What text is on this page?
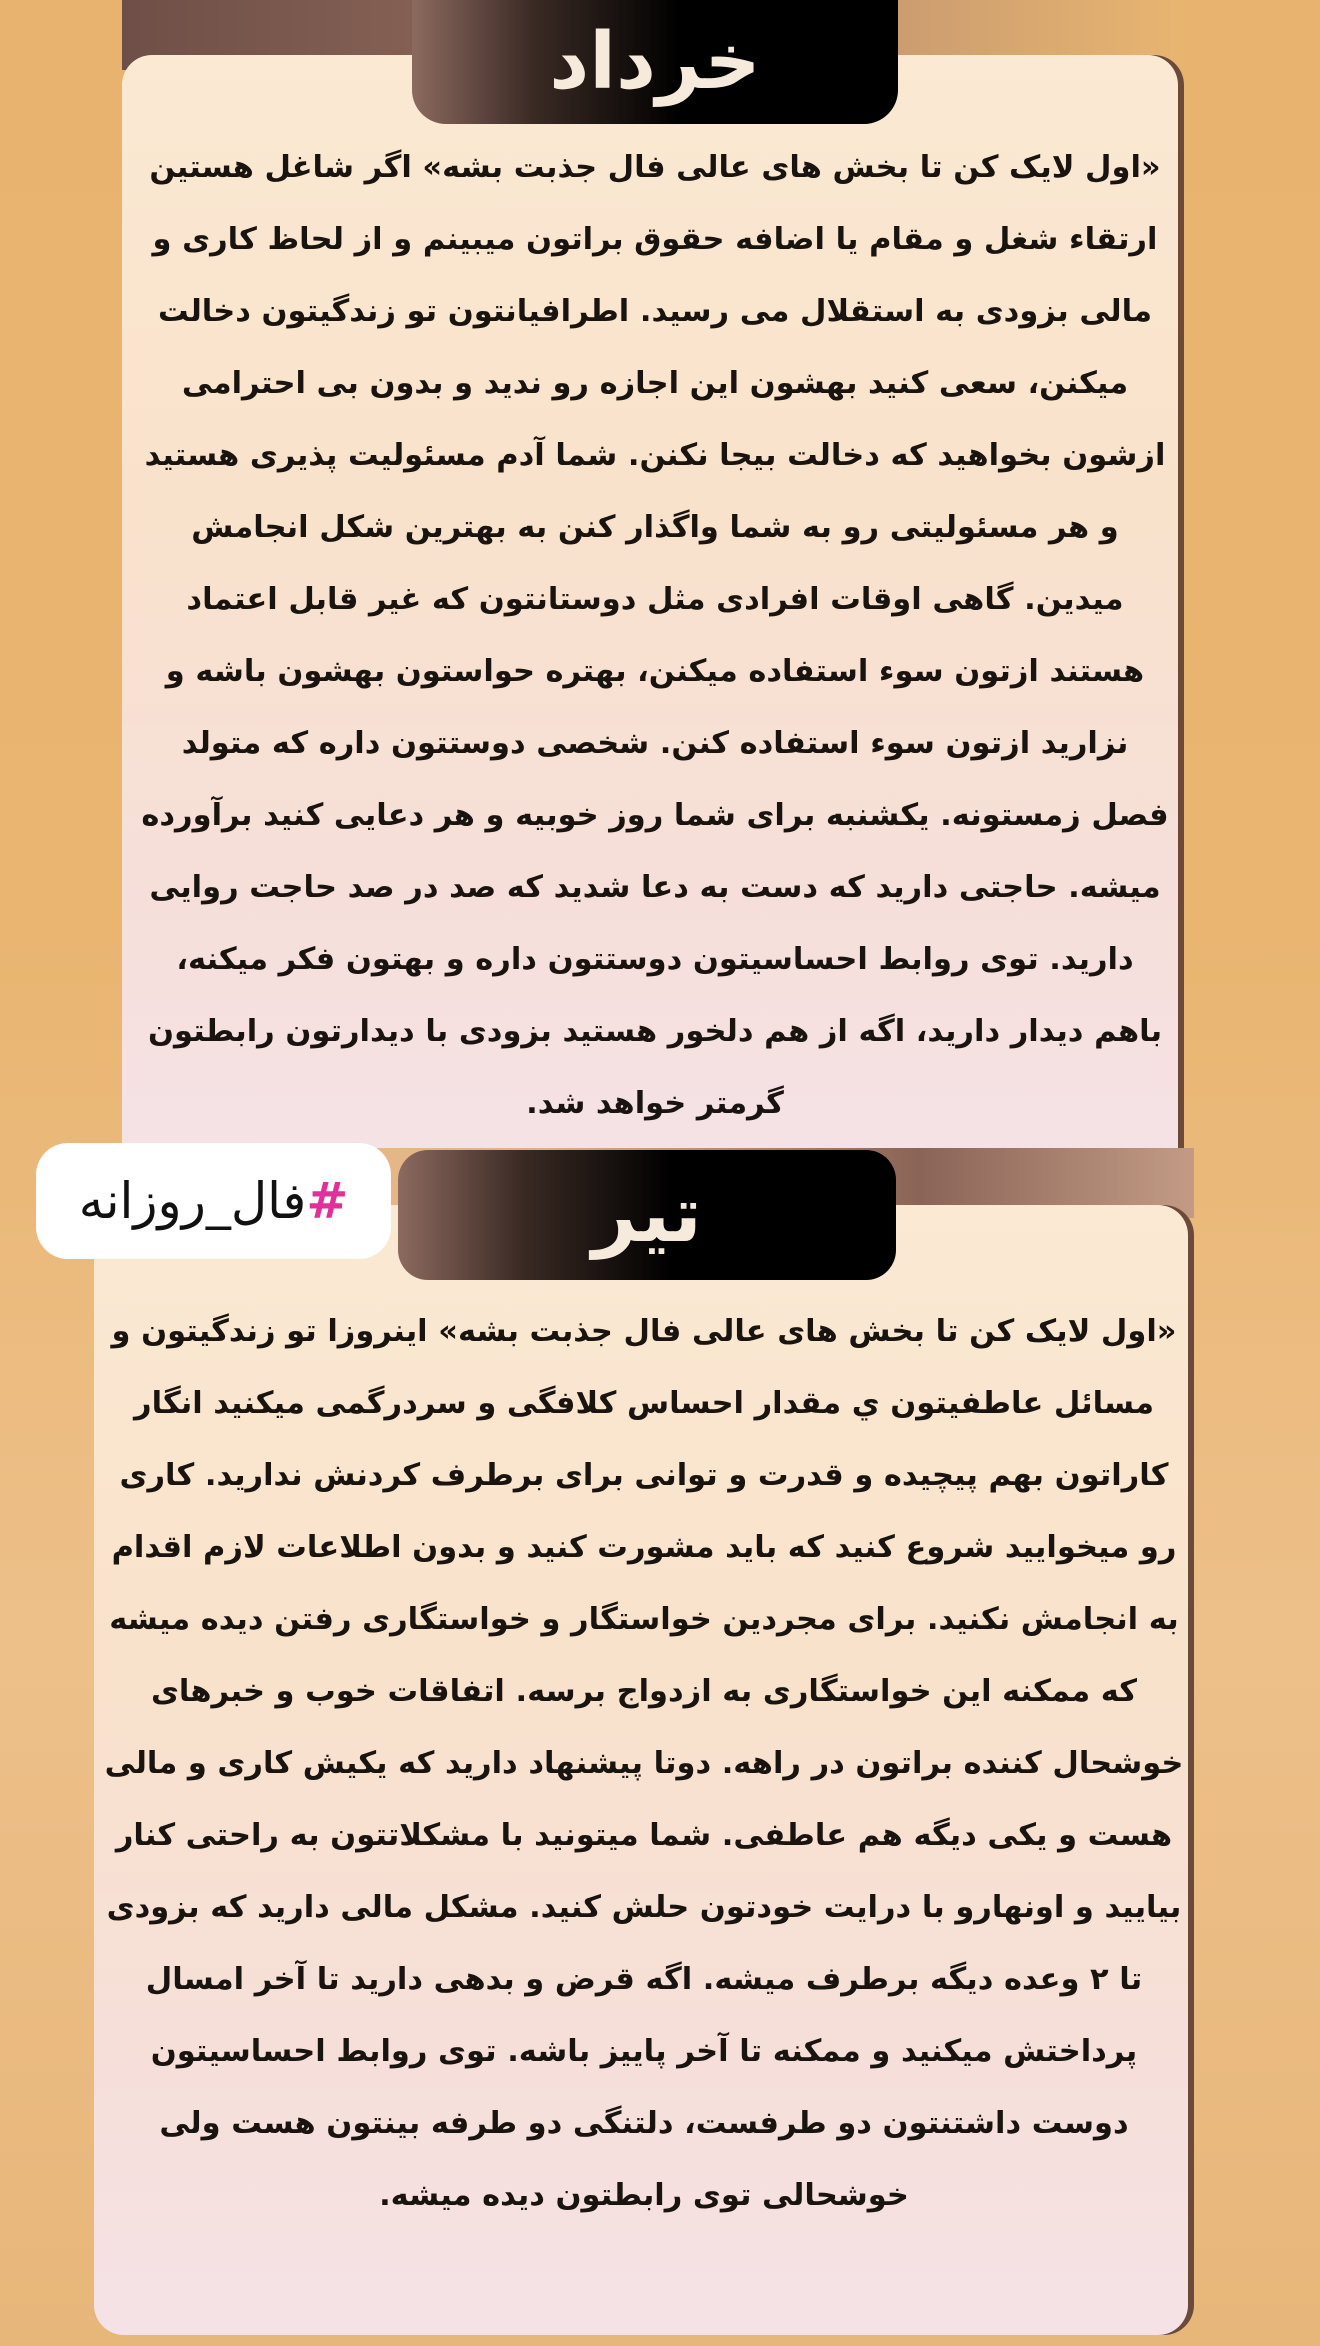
خرداد
«اول لایک کن تا بخش های عالی فال جذبت بشه» اگر شاغل هستین ارتقاء شغل و مقام یا اضافه حقوق براتون میبینم و از لحاظ کاری و مالی بزودی به استقلال می رسید. اطرافیانتون تو زندگیتون دخالت میکنن، سعی کنید بهشون این اجازه رو ندید و بدون بی احترامی ازشون بخواهید که دخالت بیجا نکنن. شما آدم مسئولیت پذیری هستید و هر مسئولیتی رو به شما واگذار کنن به بهترین شکل انجامش میدین. گاهی اوقات افرادی مثل دوستانتون که غیر قابل اعتماد هستند ازتون سوء استفاده میکنن، بهتره حواستون بهشون باشه و نزارید ازتون سوء استفاده کنن. شخصی دوستتون داره که متولد فصل زمستونه. یکشنبه برای شما روز خوبیه و هر دعایی کنید برآورده میشه. حاجتی دارید که دست به دعا شدید که صد در صد حاجت روایی دارید. توی روابط احساسیتون دوستتون داره و بهتون فکر میکنه، باهم دیدار دارید، اگه از هم دلخور هستید بزودی با دیدارتون رابطتون گرمتر خواهد شد.
تیر
«اول لایک کن تا بخش های عالی فال جذبت بشه» اینروزا تو زندگیتون و مسائل عاطفیتون ي مقدار احساس کلافگی و سردرگمی میکنید انگار کاراتون بهم پیچیده و قدرت و توانی برای برطرف کردنش ندارید. کاری رو میخوایید شروع کنید که باید مشورت کنید و بدون اطلاعات لازم اقدام به انجامش نکنید. برای مجردین خواستگار و خواستگاری رفتن دیده میشه که ممکنه این خواستگاری به ازدواج برسه. اتفاقات خوب و خبرهای خوشحال کننده براتون در راهه. دوتا پیشنهاد دارید که یکیش کاری و مالی هست و یکی دیگه هم عاطفی. شما میتونید با مشکلاتتون به راحتی کنار بیایید و اونهارو با درایت خودتون حلش کنید. مشکل مالی دارید که بزودی تا ۲ وعده دیگه برطرف میشه. اگه قرض و بدهی دارید تا آخر امسال پرداختش میکنید و ممکنه تا آخر پاییز باشه. توی روابط احساسیتون دوست داشتنتون دو طرفست، دلتنگی دو طرفه بینتون هست ولی خوشحالی توی رابطتون دیده میشه.
#
فال_روزانه
